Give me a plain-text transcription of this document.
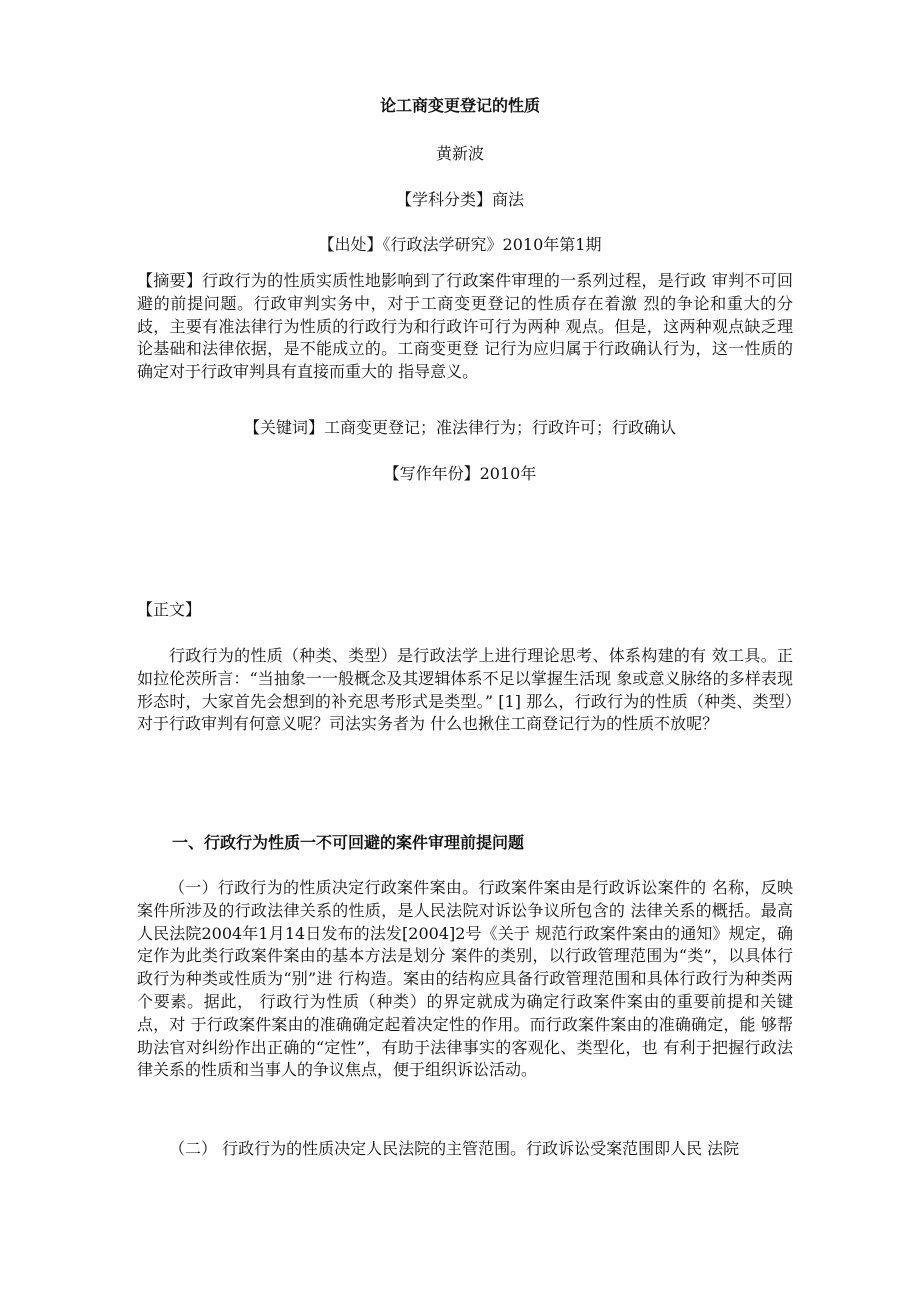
论工商变更登记的性质
黄新波
【学科分类】商法
【出处】《行政法学研究》2010年第1期

【摘要】行政行为的性质实质性地影响到了行政案件审理的一系列过程，是行政 审判不可回避的前提问题。行政审判实务中，对于工商变更登记的性质存在着激 烈的争论和重大的分歧，主要有准法律行为性质的行政行为和行政许可行为两种 观点。但是，这两种观点缺乏理论基础和法律依据，是不能成立的。工商变更登 记行为应归属于行政确认行为，这一性质的确定对于行政审判具有直接而重大的 指导意义。

【关键词】工商变更登记；准法律行为；行政许可；行政确认
【写作年份】2010年
【正文】

行政行为的性质（种类、类型）是行政法学上进行理论思考、体系构建的有 效工具。正如拉伦茨所言：“当抽象一一般概念及其逻辑体系不足以掌握生活现 象或意义脉络的多样表现形态时，大家首先会想到的补充思考形式是类型。” [1] 那么，行政行为的性质（种类、类型）对于行政审判有何意义呢？司法实务者为 什么也揪住工商登记行为的性质不放呢？

一、行政行为性质一不可回避的案件审理前提问题

（一）行政行为的性质决定行政案件案由。行政案件案由是行政诉讼案件的 名称，反映案件所涉及的行政法律关系的性质，是人民法院对诉讼争议所包含的 法律关系的概括。最高人民法院2004年1月14日发布的法发[2004]2号《关于 规范行政案件案由的通知》规定，确定作为此类行政案件案由的基本方法是划分 案件的类别，以行政管理范围为“类”，以具体行政行为种类或性质为“别”进 行构造。案由的结构应具备行政管理范围和具体行政行为种类两个要素。据此， 行政行为性质（种类）的界定就成为确定行政案件案由的重要前提和关键点，对 于行政案件案由的准确确定起着决定性的作用。而行政案件案由的准确确定，能 够帮助法官对纠纷作出正确的“定性”，有助于法律事实的客观化、类型化，也 有利于把握行政法律关系的性质和当事人的争议焦点，便于组织诉讼活动。

（二） 行政行为的性质决定人民法院的主管范围。行政诉讼受案范围即人民 法院
